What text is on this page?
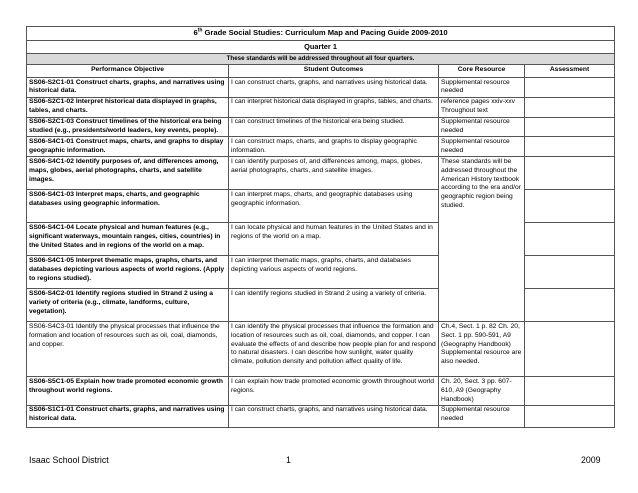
6th Grade Social Studies: Curriculum Map and Pacing Guide 2009-2010			
Quarter 1			
These standards will be addressed throughout all four quarters.			
Performance Objective	Student Outcomes	Core Resource	Assessment
SS06-S2C1-01 Construct charts, graphs, and narratives using historical data.	I can construct charts, graphs, and narratives using historical data.	Supplemental resource needed	
SS06-S2C1-02 Interpret historical data displayed in graphs, tables, and charts.	I can interpret historical data displayed in graphs, tables, and charts.	reference pages xxiv-xxv Throughout text	
SS06-S2C1-03 Construct timelines of the historical era being studied (e.g., presidents/world leaders, key events, people).	I can construct timelines of the historical era being studied.	Supplemental resource needed	
SS06-S4C1-01 Construct maps, charts, and graphs to display geographic information.	I can construct maps, charts, and graphs to display geographic information.	Supplemental resource needed	
SS06-S4C1-02 Identify purposes of, and differences among, maps, globes, aerial photographs, charts, and satellite images.	I can identify purposes of, and differences among, maps, globes, aerial photographs, charts, and satellite images.	These standards will be addressed throughout the American History textbook according to the era and/or geographic region being studied.	
SS06-S4C1-03 Interpret maps, charts, and geographic databases using geographic information.	I can interpret maps, charts, and geographic databases using geographic information.		
SS06-S4C1-04 Locate physical and human features (e.g., significant waterways, mountain ranges, cities, countries) in the United States and in regions of the world on a map.	I can locate physical and human features in the United States and in regions of the world on a map.		
SS06-S4C1-05 Interpret thematic maps, graphs, charts, and databases depicting various aspects of world regions. (Apply to regions studied).	I can interpret thematic maps, graphs, charts, and databases depicting various aspects of world regions.		
SS06-S4C2-01 Identify regions studied in Strand 2 using a variety of criteria (e.g., climate, landforms, culture, vegetation).	I can identify regions studied in Strand 2 using a variety of criteria.		
SS06-S4C3-01 Identify the physical processes that influence the formation and location of resources such as oil, coal, diamonds, and copper.	I can identify the physical processes that influence the formation and location of resources such as oil, coal, diamonds, and copper. I can evaluate the effects of and describe how people plan for and respond to natural disasters. I can describe how sunlight, water quality climate, pollution density and pollution affect quality of life.	Ch.4, Sect. 1 p. 82 Ch. 20, Sect. 1 pp. 590-591, A9 (Geography Handbook) Supplemental resource are also needed.	
SS06-S5C1-05 Explain how trade promoted economic growth throughout world regions.	I can explain how trade promoted economic growth throughout world regions.	Ch. 20, Sect. 3 pp. 607-610, A9 (Geography Handbook)	
SS06-S1C1-01 Construct charts, graphs, and narratives using historical data.	I can construct charts, graphs, and narratives using historical data.	Supplemental resource needed	
Isaac School District	1	2009
